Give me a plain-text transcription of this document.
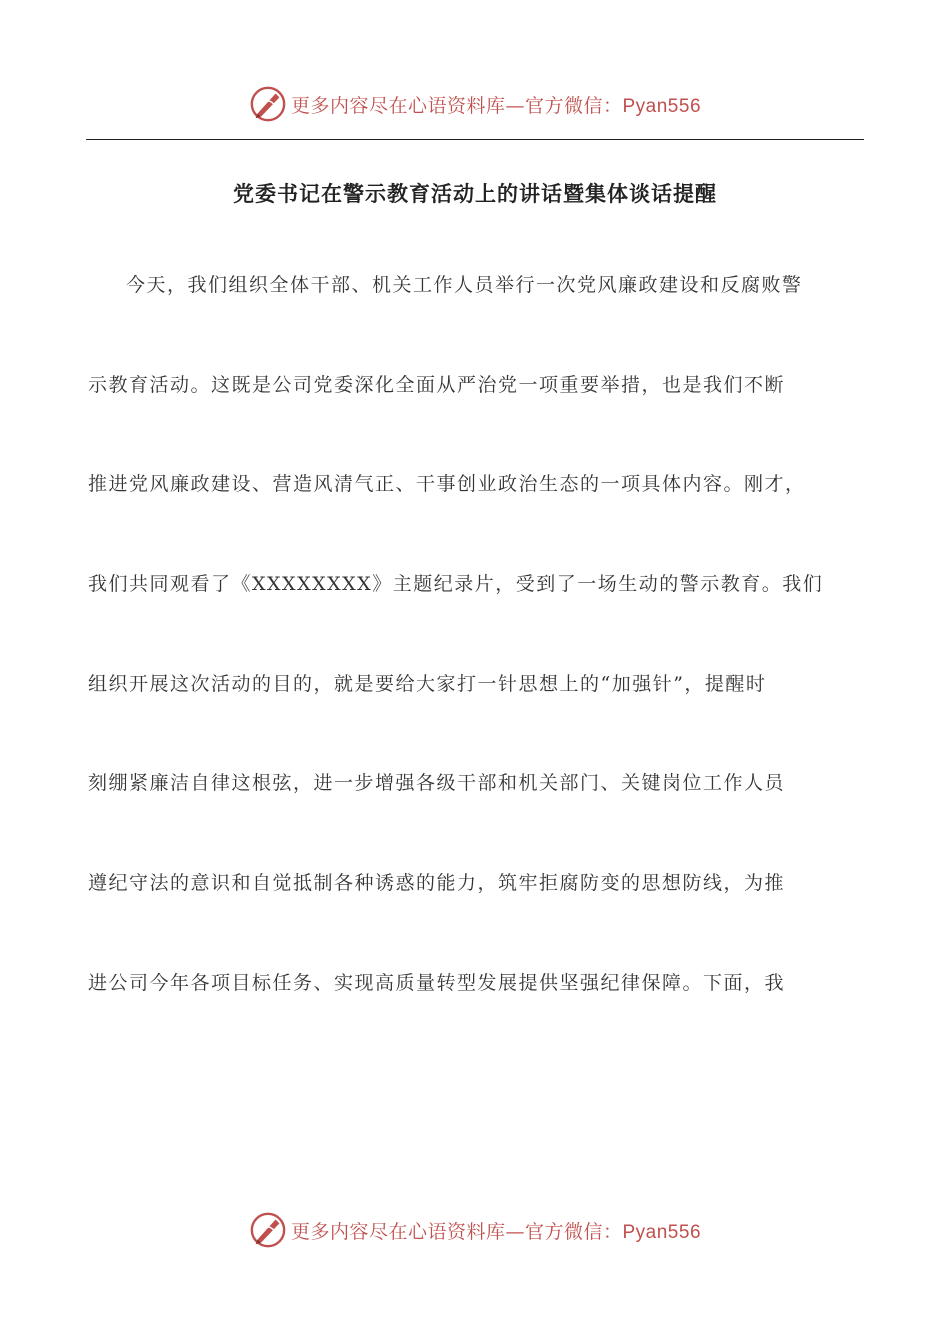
更多内容尽在心语资料库—官方微信：Pyan556
党委书记在警示教育活动上的讲话暨集体谈话提醒
今天，我们组织全体干部、机关工作人员举行一次党风廉政建设和反腐败警
示教育活动。这既是公司党委深化全面从严治党一项重要举措，也是我们不断
推进党风廉政建设、营造风清气正、干事创业政治生态的一项具体内容。刚才，
我们共同观看了《XXXXXXXX》主题纪录片，受到了一场生动的警示教育。我们
组织开展这次活动的目的，就是要给大家打一针思想上的“加强针”，提醒时
刻绷紧廉洁自律这根弦，进一步增强各级干部和机关部门、关键岗位工作人员
遵纪守法的意识和自觉抵制各种诱惑的能力，筑牢拒腐防变的思想防线，为推
进公司今年各项目标任务、实现高质量转型发展提供坚强纪律保障。下面，我
更多内容尽在心语资料库—官方微信：Pyan556
